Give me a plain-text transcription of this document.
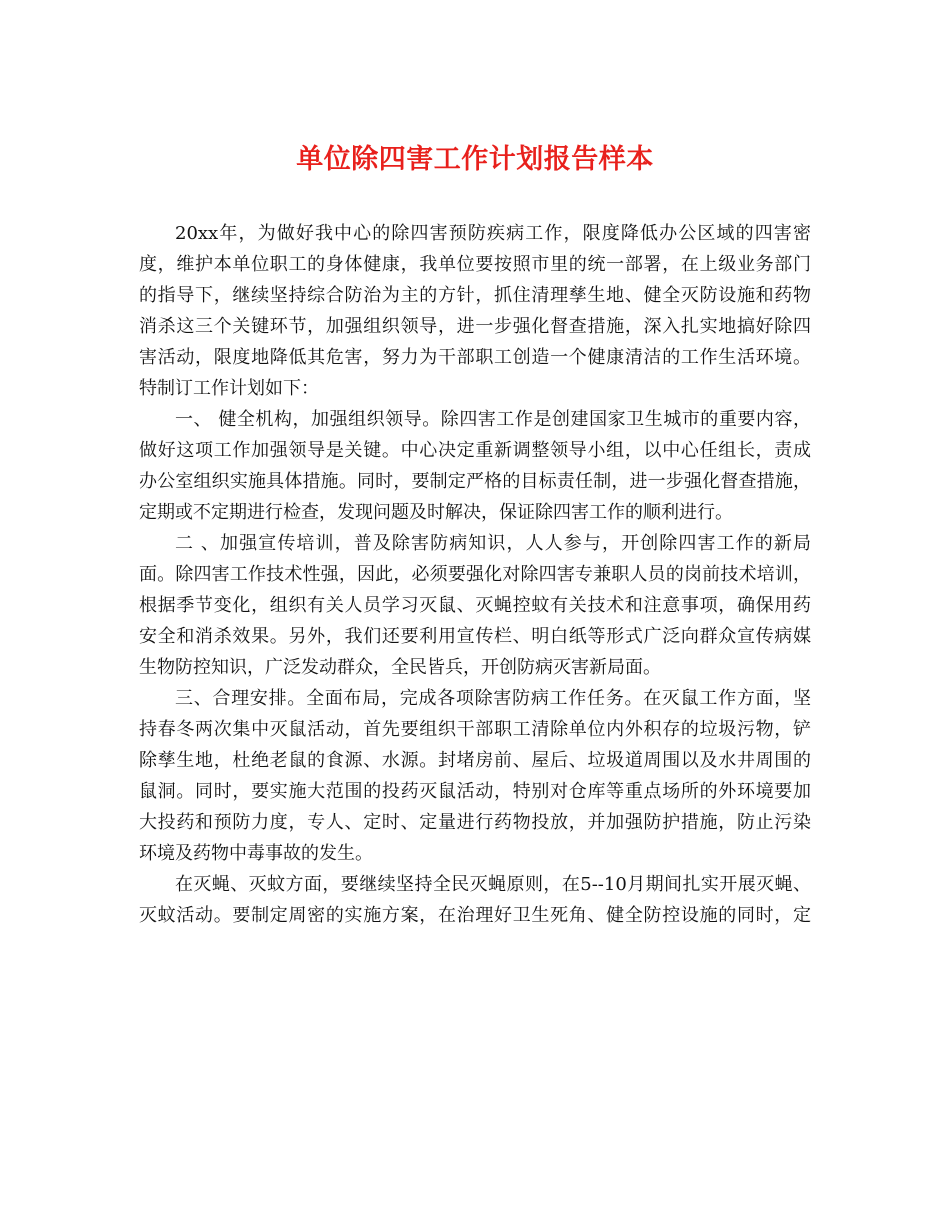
单位除四害工作计划报告样本
20xx年，为做好我中心的除四害预防疾病工作，限度降低办公区域的四害密
度，维护本单位职工的身体健康，我单位要按照市里的统一部署，在上级业务部门
的指导下，继续坚持综合防治为主的方针，抓住清理孳生地、健全灭防设施和药物
消杀这三个关键环节，加强组织领导，进一步强化督查措施，深入扎实地搞好除四
害活动，限度地降低其危害，努力为干部职工创造一个健康清洁的工作生活环境。
特制订工作计划如下：
一、 健全机构，加强组织领导。除四害工作是创建国家卫生城市的重要内容，
做好这项工作加强领导是关键。中心决定重新调整领导小组，以中心任组长，责成
办公室组织实施具体措施。同时，要制定严格的目标责任制，进一步强化督查措施，
定期或不定期进行检查，发现问题及时解决，保证除四害工作的顺利进行。
二 、加强宣传培训，普及除害防病知识，人人参与，开创除四害工作的新局
面。除四害工作技术性强，因此，必须要强化对除四害专兼职人员的岗前技术培训，
根据季节变化，组织有关人员学习灭鼠、灭蝇控蚊有关技术和注意事项，确保用药
安全和消杀效果。另外，我们还要利用宣传栏、明白纸等形式广泛向群众宣传病媒
生物防控知识，广泛发动群众，全民皆兵，开创防病灭害新局面。
三、合理安排。全面布局，完成各项除害防病工作任务。在灭鼠工作方面，坚
持春冬两次集中灭鼠活动，首先要组织干部职工清除单位内外积存的垃圾污物，铲
除孳生地，杜绝老鼠的食源、水源。封堵房前、屋后、垃圾道周围以及水井周围的
鼠洞。同时，要实施大范围的投药灭鼠活动，特别对仓库等重点场所的外环境要加
大投药和预防力度，专人、定时、定量进行药物投放，并加强防护措施，防止污染
环境及药物中毒事故的发生。
在灭蝇、灭蚊方面，要继续坚持全民灭蝇原则，在5--10月期间扎实开展灭蝇、
灭蚊活动。要制定周密的实施方案，在治理好卫生死角、健全防控设施的同时，定
